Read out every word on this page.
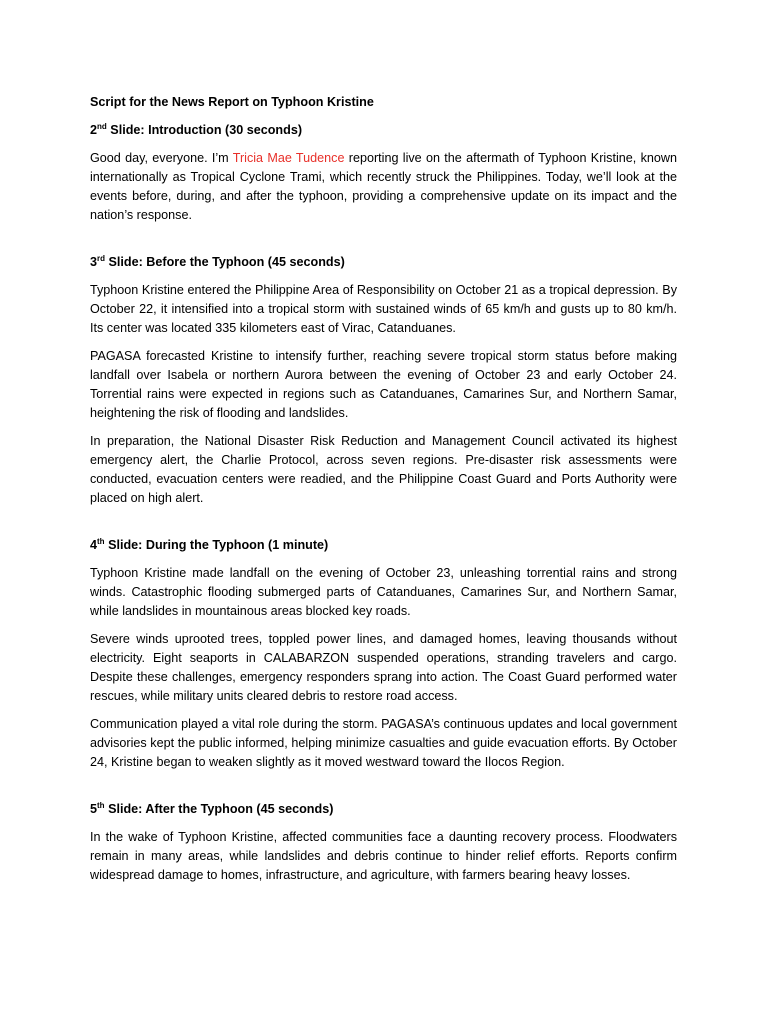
Script for the News Report on Typhoon Kristine
2nd Slide: Introduction (30 seconds)

Good day, everyone. I’m Tricia Mae Tudence reporting live on the aftermath of Typhoon Kristine, known internationally as Tropical Cyclone Trami, which recently struck the Philippines. Today, we’ll look at the events before, during, and after the typhoon, providing a comprehensive update on its impact and the nation’s response.

3rd Slide: Before the Typhoon (45 seconds)

Typhoon Kristine entered the Philippine Area of Responsibility on October 21 as a tropical depression. By October 22, it intensified into a tropical storm with sustained winds of 65 km/h and gusts up to 80 km/h. Its center was located 335 kilometers east of Virac, Catanduanes.

PAGASA forecasted Kristine to intensify further, reaching severe tropical storm status before making landfall over Isabela or northern Aurora between the evening of October 23 and early October 24. Torrential rains were expected in regions such as Catanduanes, Camarines Sur, and Northern Samar, heightening the risk of flooding and landslides.

In preparation, the National Disaster Risk Reduction and Management Council activated its highest emergency alert, the Charlie Protocol, across seven regions. Pre-disaster risk assessments were conducted, evacuation centers were readied, and the Philippine Coast Guard and Ports Authority were placed on high alert.

4th Slide: During the Typhoon (1 minute)

Typhoon Kristine made landfall on the evening of October 23, unleashing torrential rains and strong winds. Catastrophic flooding submerged parts of Catanduanes, Camarines Sur, and Northern Samar, while landslides in mountainous areas blocked key roads.

Severe winds uprooted trees, toppled power lines, and damaged homes, leaving thousands without electricity. Eight seaports in CALABARZON suspended operations, stranding travelers and cargo. Despite these challenges, emergency responders sprang into action. The Coast Guard performed water rescues, while military units cleared debris to restore road access.

Communication played a vital role during the storm. PAGASA’s continuous updates and local government advisories kept the public informed, helping minimize casualties and guide evacuation efforts. By October 24, Kristine began to weaken slightly as it moved westward toward the Ilocos Region.

5th Slide: After the Typhoon (45 seconds)

In the wake of Typhoon Kristine, affected communities face a daunting recovery process. Floodwaters remain in many areas, while landslides and debris continue to hinder relief efforts. Reports confirm widespread damage to homes, infrastructure, and agriculture, with farmers bearing heavy losses.
